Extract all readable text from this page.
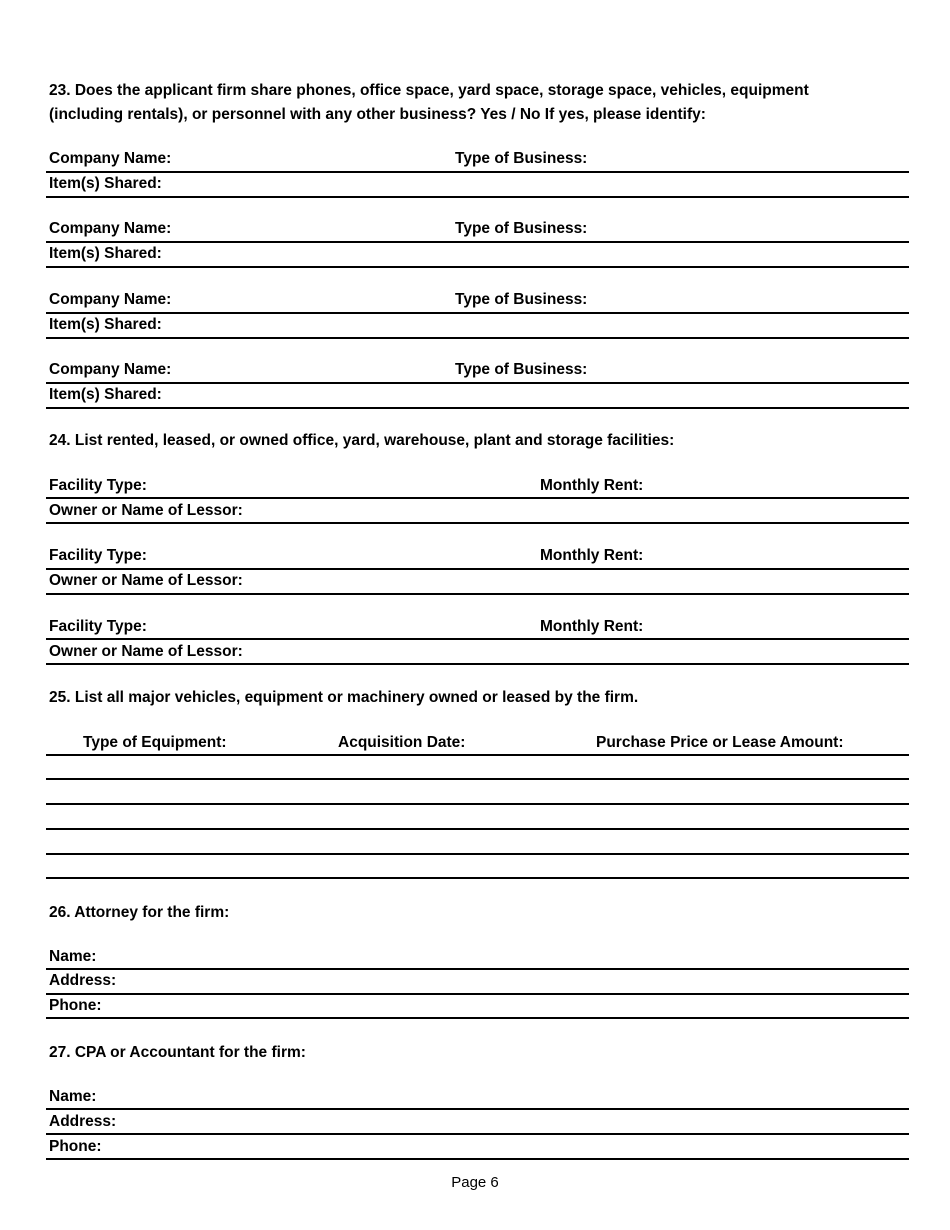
23. Does the applicant firm share phones, office space, yard space, storage space, vehicles, equipment
(including rentals), or personnel with any other business? Yes / No If yes, please identify:
Company Name:	Type of Business:
Item(s) Shared:
Company Name:	Type of Business:
Item(s) Shared:
Company Name:	Type of Business:
Item(s) Shared:
Company Name:	Type of Business:
Item(s) Shared:
24. List rented, leased, or owned office, yard, warehouse, plant and storage facilities:
Facility Type:	Monthly Rent:
Owner or Name of Lessor:
Facility Type:	Monthly Rent:
Owner or Name of Lessor:
Facility Type:	Monthly Rent:
Owner or Name of Lessor:
25. List all major vehicles, equipment or machinery owned or leased by the firm.
Type of Equipment:	Acquisition Date:	Purchase Price or Lease Amount:
26. Attorney for the firm:
Name:
Address:
Phone:
27. CPA or Accountant for the firm:
Name:
Address:
Phone:
Page 6
